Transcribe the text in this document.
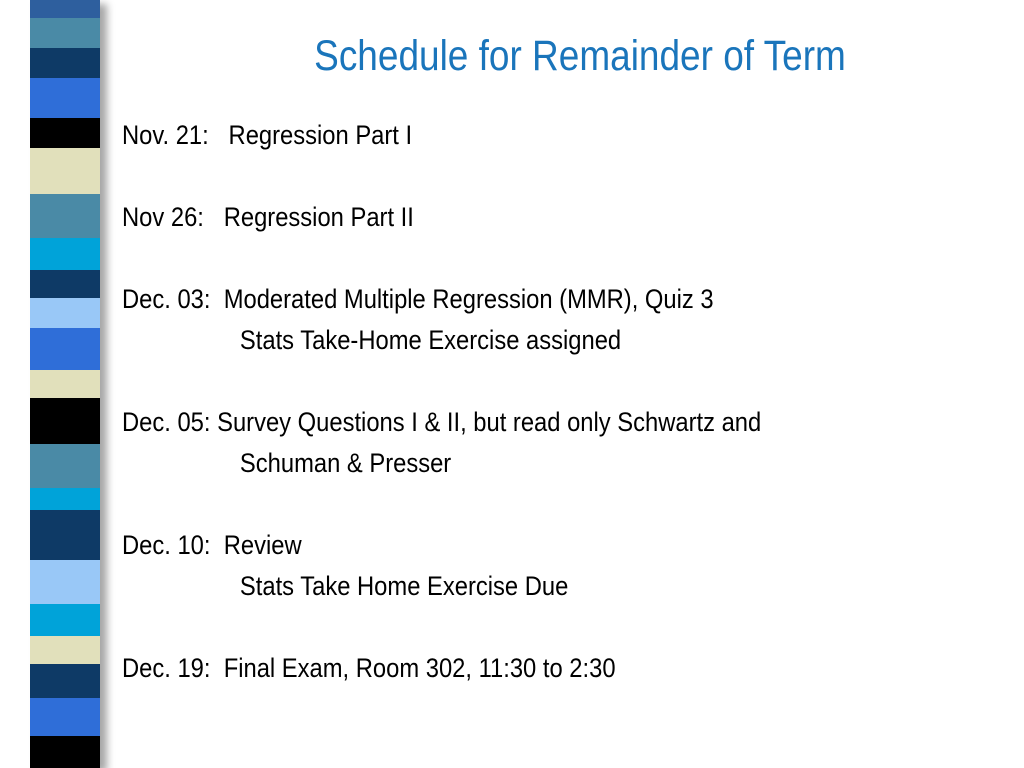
Schedule for Remainder of Term
Nov. 21: Regression Part I
Nov 26: Regression Part II
Dec. 03: Moderated Multiple Regression (MMR), Quiz 3
Stats Take-Home Exercise assigned
Dec. 05: Survey Questions I & II, but read only Schwartz and
Schuman & Presser
Dec. 10: Review
Stats Take Home Exercise Due
Dec. 19: Final Exam, Room 302, 11:30 to 2:30
